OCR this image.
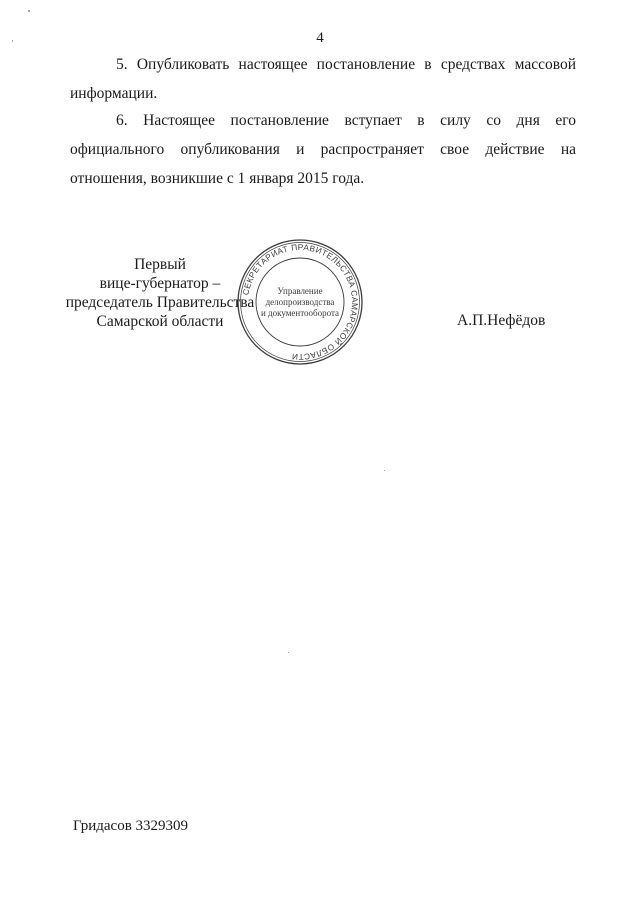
4

5. Опубликовать настоящее постановление в средствах массовой информации.

6. Настоящее постановление вступает в силу со дня его официального опубликования и распространяет свое действие на отношения, возникшие с 1 января 2015 года.

Первый
вице-губернатор –
председатель Правительства
Самарской области
СЕКРЕТАРИАТ ПРАВИТЕЛЬСТВА САМАРСКОЙ ОБЛАСТИ
Управление
делопроизводства
и документооборота	А.П.Нефёдов
Гридасов 3329309
